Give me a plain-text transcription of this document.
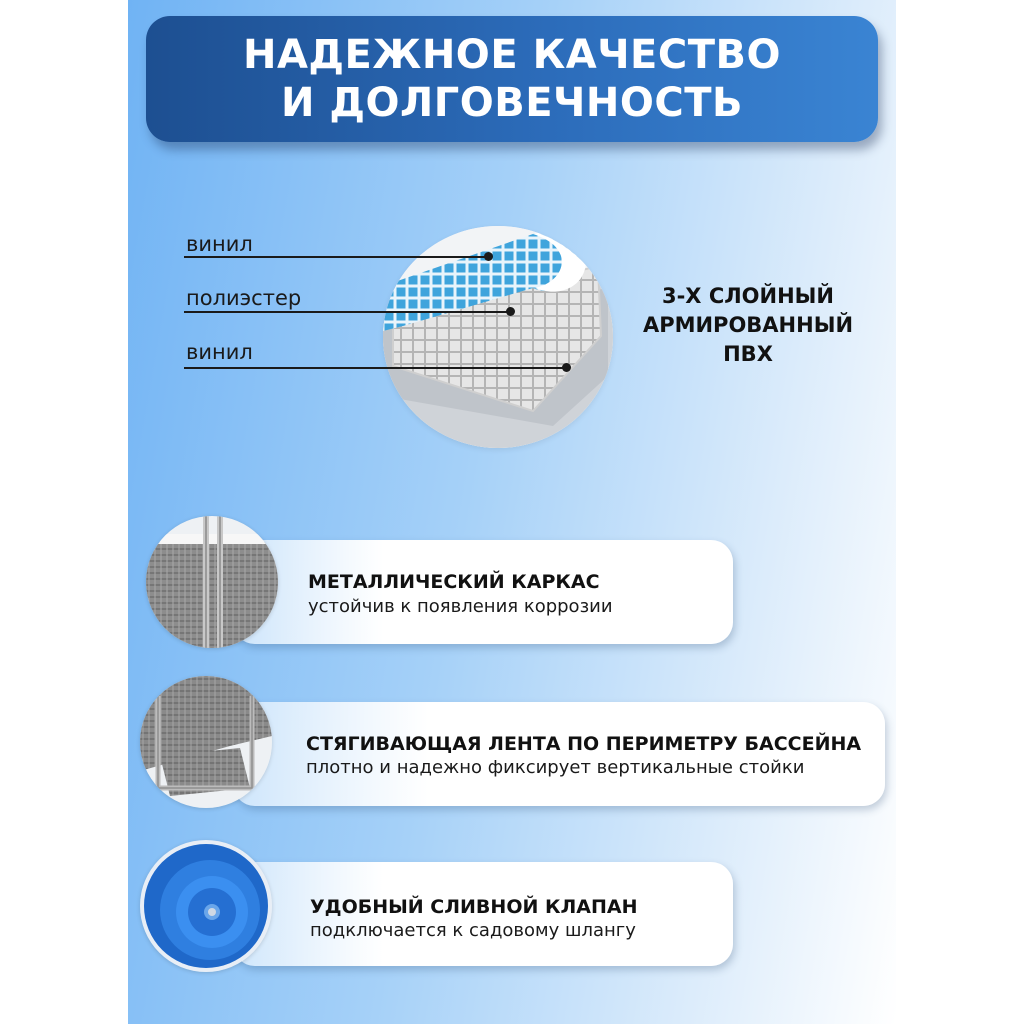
НАДЕЖНОЕ КАЧЕСТВО
И ДОЛГОВЕЧНОСТЬ
винил
полиэстер
винил
3-Х СЛОЙНЫЙ
АРМИРОВАННЫЙ
ПВХ
МЕТАЛЛИЧЕСКИЙ КАРКАС
устойчив к появления коррозии
СТЯГИВАЮЩАЯ ЛЕНТА ПО ПЕРИМЕТРУ БАССЕЙНА
плотно и надежно фиксирует вертикальные стойки
УДОБНЫЙ СЛИВНОЙ КЛАПАН
подключается к садовому шлангу
